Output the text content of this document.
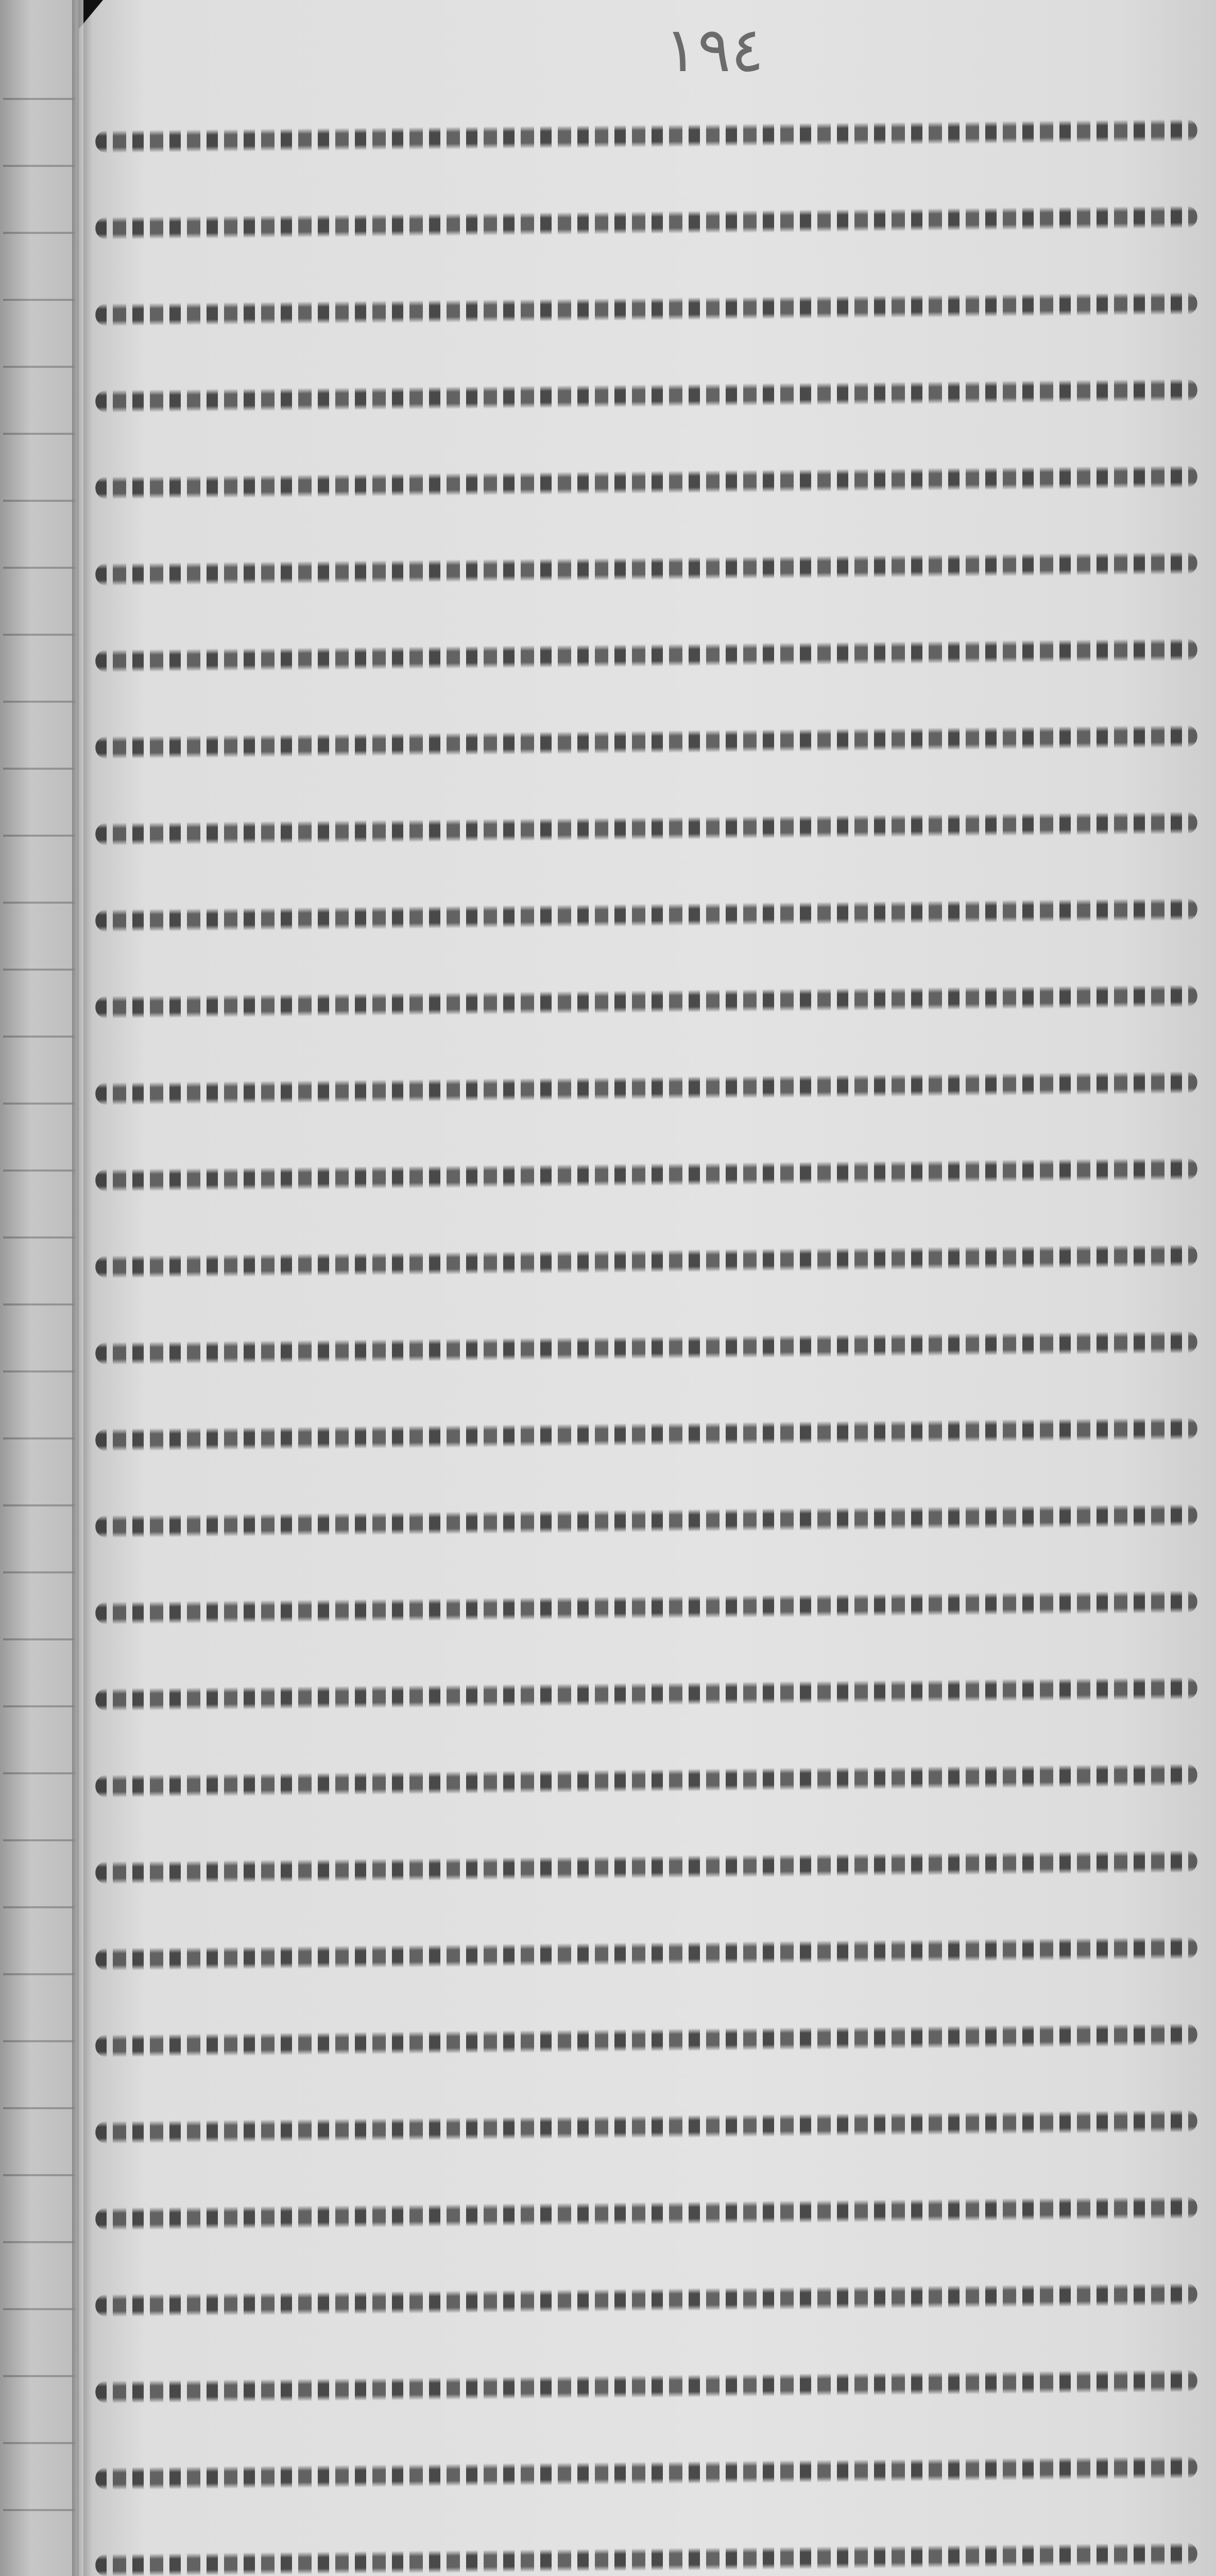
١٩٤
